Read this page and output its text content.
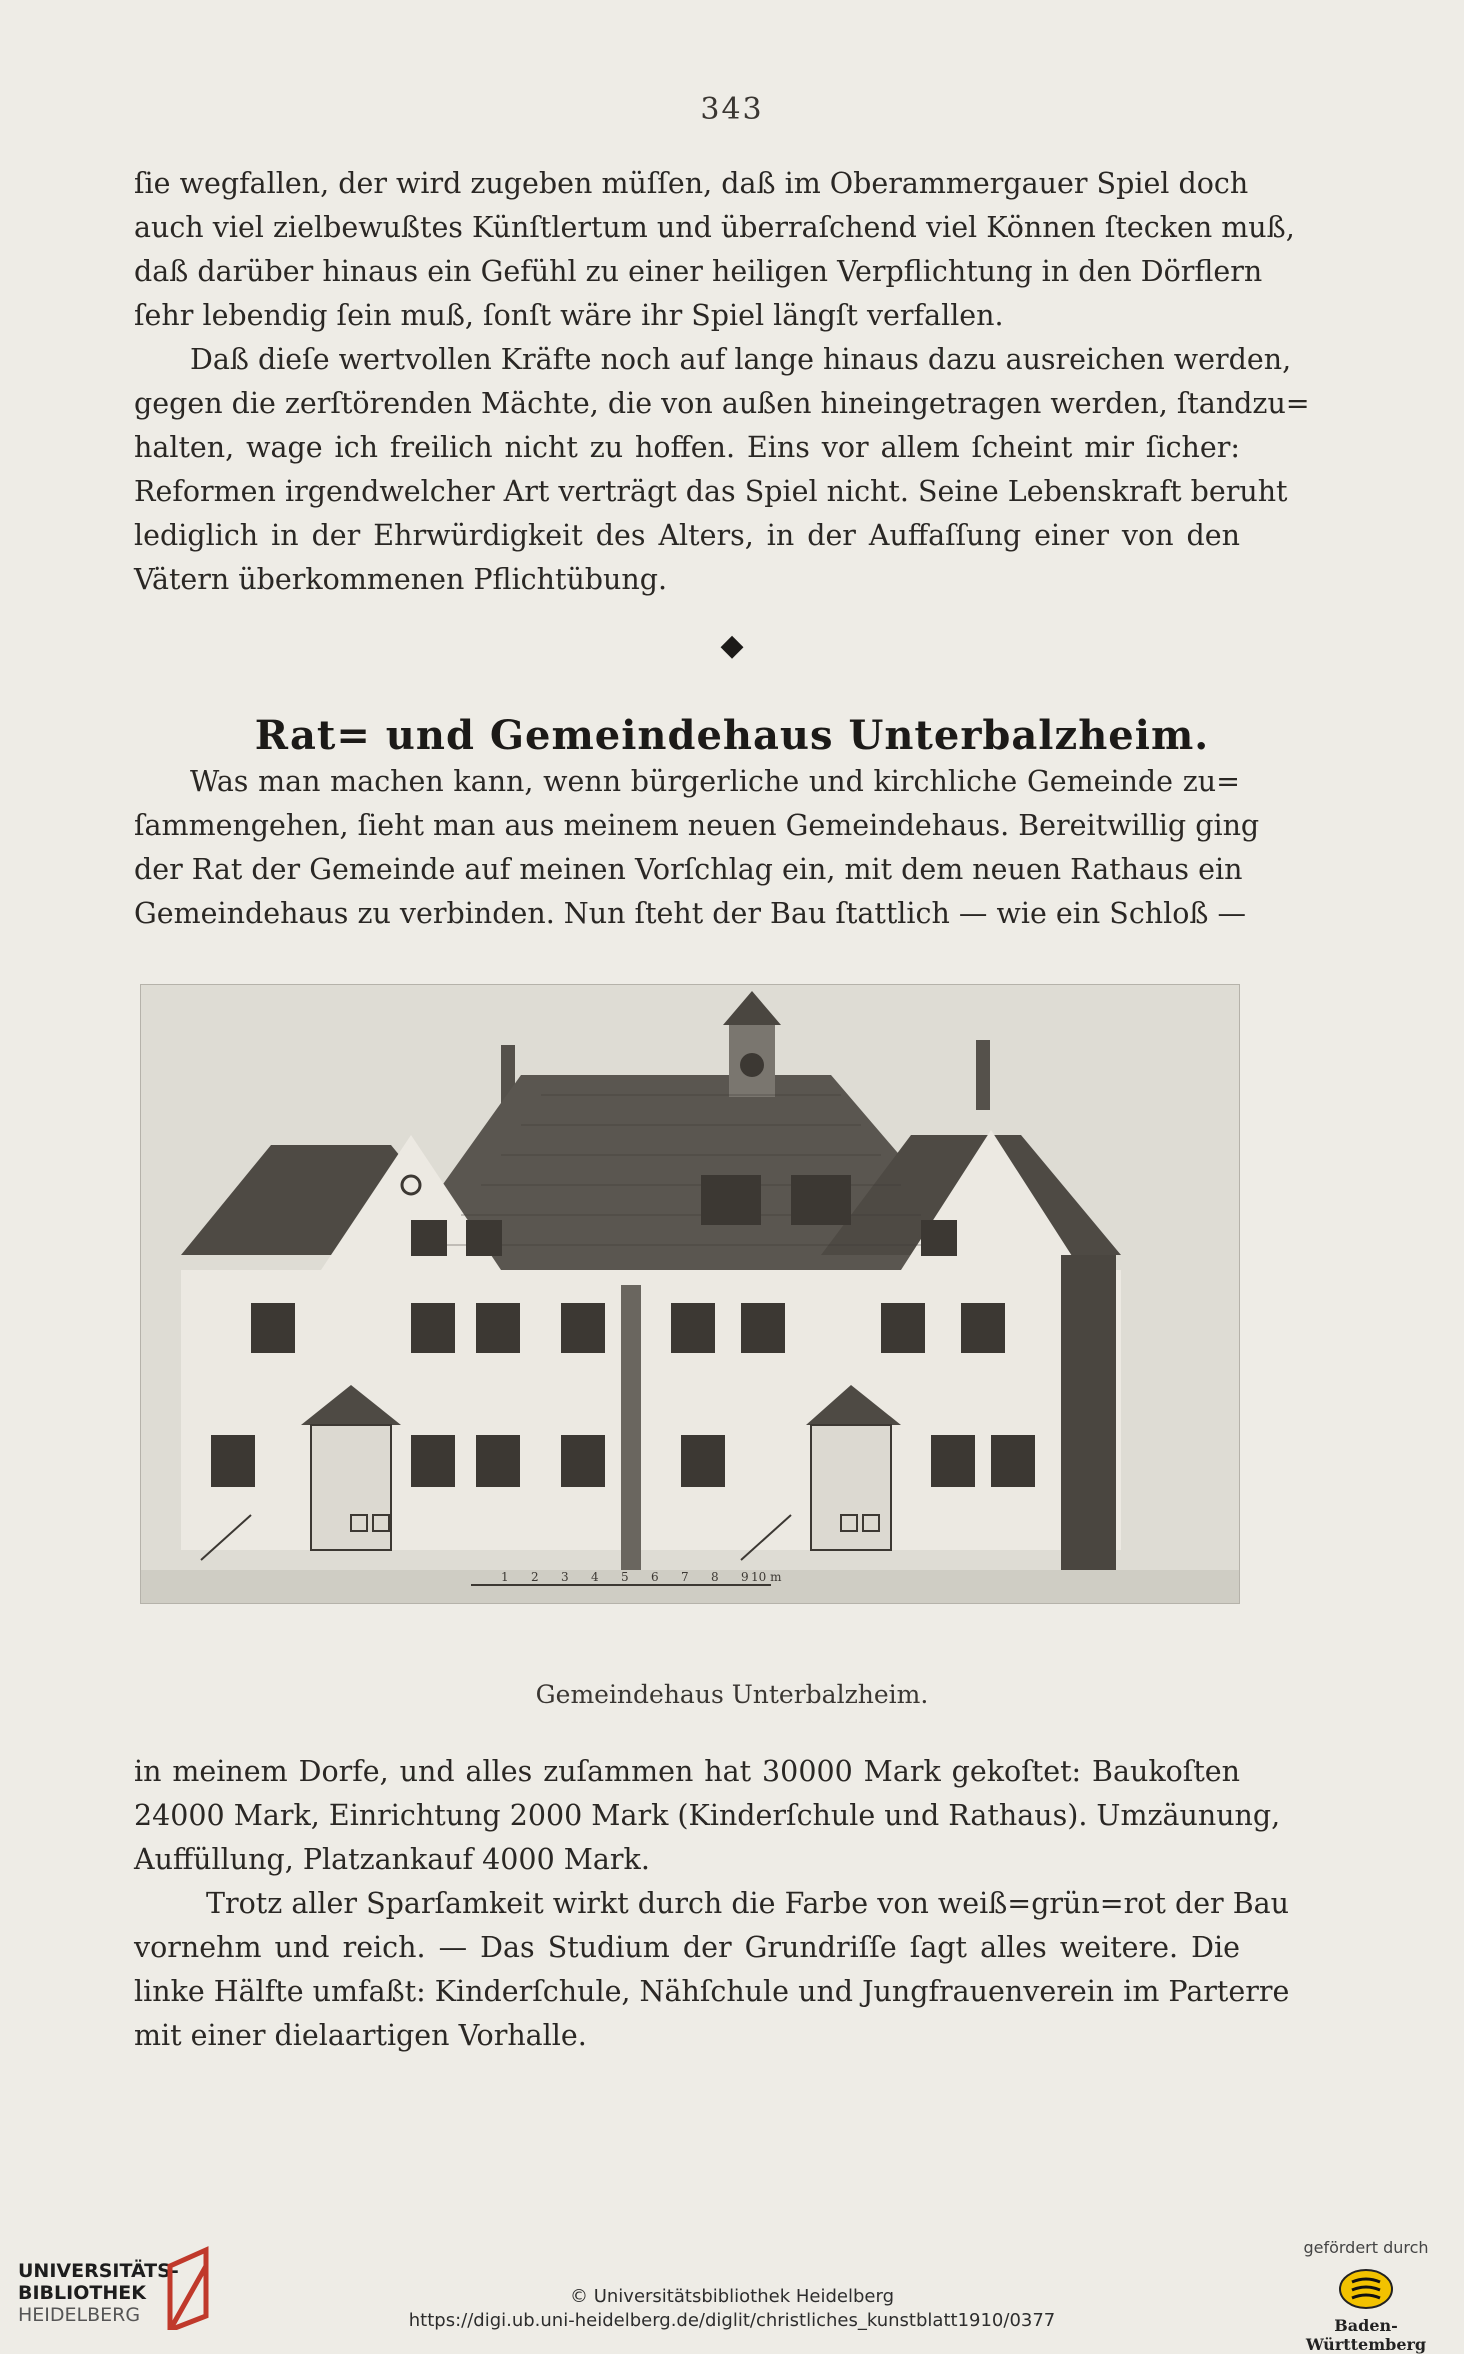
343
ſie wegfallen, der wird zugeben müſſen, daß im Oberammergauer Spiel doch
auch viel zielbewußtes Künſtlertum und überraſchend viel Können ſtecken muß,
daß darüber hinaus ein Gefühl zu einer heiligen Verpflichtung in den Dörflern
ſehr lebendig ſein muß, ſonſt wäre ihr Spiel längſt verfallen.
Daß dieſe wertvollen Kräfte noch auf lange hinaus dazu ausreichen werden,
gegen die zerſtörenden Mächte, die von außen hineingetragen werden, ſtandzu=
halten, wage ich freilich nicht zu hoffen. Eins vor allem ſcheint mir ſicher:
Reformen irgendwelcher Art verträgt das Spiel nicht. Seine Lebenskraft beruht
lediglich in der Ehrwürdigkeit des Alters, in der Auffaſſung einer von den
Vätern überkommenen Pflichtübung.
◆
Rat= und Gemeindehaus Unterbalzheim.
Was man machen kann, wenn bürgerliche und kirchliche Gemeinde zu=
ſammengehen, ſieht man aus meinem neuen Gemeindehaus. Bereitwillig ging
der Rat der Gemeinde auf meinen Vorſchlag ein, mit dem neuen Rathaus ein
Gemeindehaus zu verbinden. Nun ſteht der Bau ſtattlich — wie ein Schloß —
1 2 3 4 5 6 7 8 9 10 m
Gemeindehaus Unterbalzheim.
in meinem Dorfe, und alles zuſammen hat 30000 Mark gekoſtet: Baukoſten
24000 Mark, Einrichtung 2000 Mark (Kinderſchule und Rathaus). Umzäunung,
Auffüllung, Platzankauf 4000 Mark.
Trotz aller Sparſamkeit wirkt durch die Farbe von weiß=grün=rot der Bau
vornehm und reich. — Das Studium der Grundriſſe ſagt alles weitere. Die
linke Hälfte umfaßt: Kinderſchule, Nähſchule und Jungfrauenverein im Parterre
mit einer dielaartigen Vorhalle.
UNIVERSITÄTS-
BIBLIOTHEK
HEIDELBERG
© Universitätsbibliothek Heidelberg
https://digi.ub.uni-heidelberg.de/diglit/christliches_kunstblatt1910/0377
gefördert durch
Baden-Württemberg
